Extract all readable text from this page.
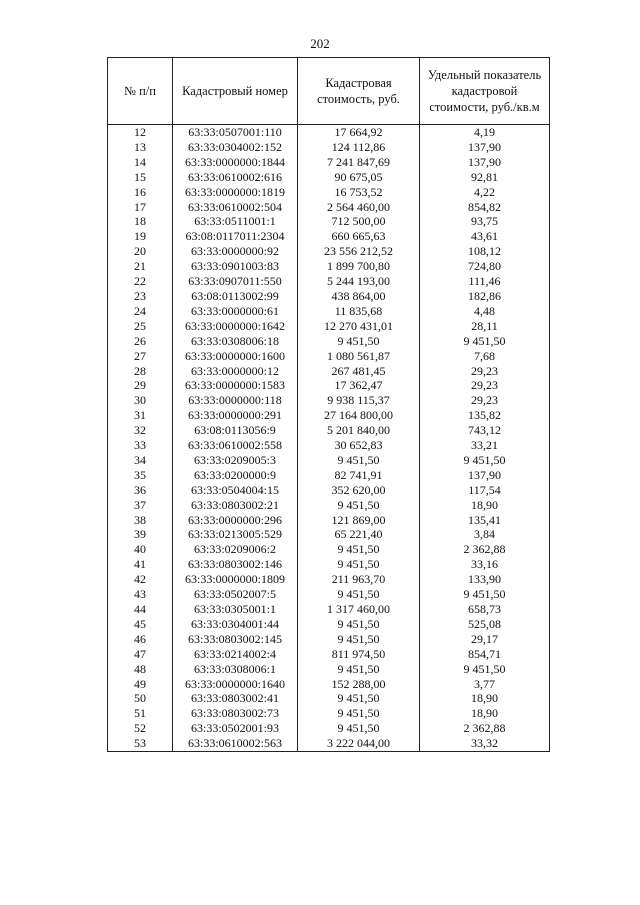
202
№ п/п	Кадастровый номер	Кадастровая стоимость, руб.	Удельный показатель кадастровой стоимости, руб./кв.м
12	63:33:0507001:110	17 664,92	4,19
13	63:33:0304002:152	124 112,86	137,90
14	63:33:0000000:1844	7 241 847,69	137,90
15	63:33:0610002:616	90 675,05	92,81
16	63:33:0000000:1819	16 753,52	4,22
17	63:33:0610002:504	2 564 460,00	854,82
18	63:33:0511001:1	712 500,00	93,75
19	63:08:0117011:2304	660 665,63	43,61
20	63:33:0000000:92	23 556 212,52	108,12
21	63:33:0901003:83	1 899 700,80	724,80
22	63:33:0907011:550	5 244 193,00	111,46
23	63:08:0113002:99	438 864,00	182,86
24	63:33:0000000:61	11 835,68	4,48
25	63:33:0000000:1642	12 270 431,01	28,11
26	63:33:0308006:18	9 451,50	9 451,50
27	63:33:0000000:1600	1 080 561,87	7,68
28	63:33:0000000:12	267 481,45	29,23
29	63:33:0000000:1583	17 362,47	29,23
30	63:33:0000000:118	9 938 115,37	29,23
31	63:33:0000000:291	27 164 800,00	135,82
32	63:08:0113056:9	5 201 840,00	743,12
33	63:33:0610002:558	30 652,83	33,21
34	63:33:0209005:3	9 451,50	9 451,50
35	63:33:0200000:9	82 741,91	137,90
36	63:33:0504004:15	352 620,00	117,54
37	63:33:0803002:21	9 451,50	18,90
38	63:33:0000000:296	121 869,00	135,41
39	63:33:0213005:529	65 221,40	3,84
40	63:33:0209006:2	9 451,50	2 362,88
41	63:33:0803002:146	9 451,50	33,16
42	63:33:0000000:1809	211 963,70	133,90
43	63:33:0502007:5	9 451,50	9 451,50
44	63:33:0305001:1	1 317 460,00	658,73
45	63:33:0304001:44	9 451,50	525,08
46	63:33:0803002:145	9 451,50	29,17
47	63:33:0214002:4	811 974,50	854,71
48	63:33:0308006:1	9 451,50	9 451,50
49	63:33:0000000:1640	152 288,00	3,77
50	63:33:0803002:41	9 451,50	18,90
51	63:33:0803002:73	9 451,50	18,90
52	63:33:0502001:93	9 451,50	2 362,88
53	63:33:0610002:563	3 222 044,00	33,32
